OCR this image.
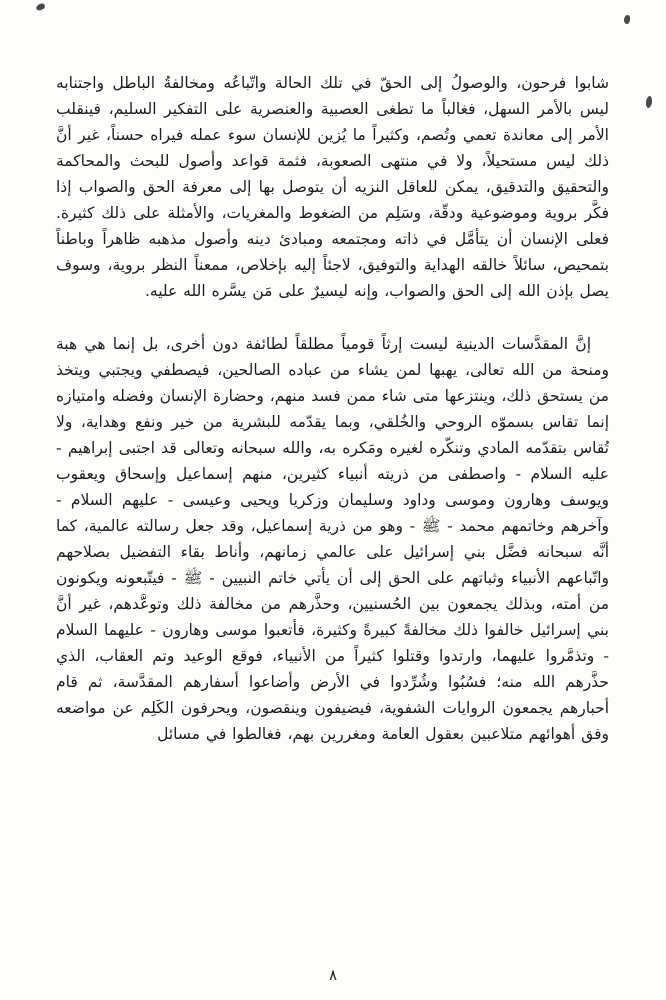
شابوا فرحون، والوصولُ إلى الحقّ في تلك الحالة واتّباعُه ومخالفةُ الباطل واجتنابه ليس بالأمر السهل، فغالباً ما تطغى العصبية والعنصرية على التفكير السليم، فينقلب الأمر إلى معاندة تعمي وتُصم، وكثيراً ما يُزين للإنسان سوء عمله فيراه حسناً، غير أنَّ ذلك ليس مستحيلاً، ولا في منتهى الصعوبة، فثمة قواعد وأصول للبحث والمحاكمة والتحقيق والتدقيق، يمكن للعاقل النزيه أن يتوصل بها إلى معرفة الحق والصواب إذا فكَّر بروية وموضوعية ودقّة، وسَلِم من الضغوط والمغريات، والأمثلة على ذلك كثيرة. فعلى الإنسان أن يتأمَّل في ذاته ومجتمعه ومبادئ دينه وأصول مذهبه ظاهراً وباطناً بتمحيص، سائلاً خالقه الهداية والتوفيق، لاجئاً إليه بإخلاص، ممعناً النظر بروية، وسوف يصل بإذن الله إلى الحق والصواب، وإنه ليسيرٌ على مَن يسَّره الله عليه.

إنَّ المقدَّسات الدينية ليست إرثاً قومياً مطلقاً لطائفة دون أخرى، بل إنما هي هبة ومنحة من الله تعالى، يهبها لمن يشاء من عباده الصالحين، فيصطفي ويجتبي ويتخذ من يستحق ذلك، وينتزعها متى شاء ممن فسد منهم، وحضارة الإنسان وفضله وامتيازه إنما تقاس بسموّه الروحي والخُلقي، وبما يقدّمه للبشرية من خير ونفع وهداية، ولا تُقاس بتقدّمه المادي وتنكّره لغيره ومَكره به، والله سبحانه وتعالى قد اجتبى إبراهيم - عليه السلام - واصطفى من ذريته أنبياء كثيرين، منهم إسماعيل وإسحاق ويعقوب ويوسف وهارون وموسى وداود وسليمان وزكريا ويحيى وعيسى - عليهم السلام - وآخرهم وخاتمهم محمد - ﷺ - وهو من ذرية إسماعيل، وقد جعل رسالته عالمية، كما أنَّه سبحانه فضَّل بني إسرائيل على عالمي زمانهم، وأناط بقاء التفضيل بصلاحهم واتّباعهم الأنبياء وثباتهم على الحق إلى أن يأتي خاتم النبيين - ﷺ - فيتّبعونه ويكونون من أمته، وبذلك يجمعون بين الحُسنيين، وحذَّرهم من مخالفة ذلك وتوعَّدهم، غير أنَّ بني إسرائيل خالفوا ذلك مخالفةً كبيرةً وكثيرة، فأتعبوا موسى وهارون - عليهما السلام - وتذمَّروا عليهما، وارتدوا وقتلوا كثيراً من الأنبياء، فوقع الوعيد وتم العقاب، الذي حذَّرهم الله منه؛ فسُبُوا وشُرِّدوا في الأرض وأضاعوا أسفارهم المقدَّسة، ثم قام أحبارهم يجمعون الروايات الشفوية، فيضيفون وينقصون، ويحرفون الكَلِم عن مواضعه وفق أهوائهم متلاعبين بعقول العامة ومغررين بهم، فغالطوا في مسائل

٨
